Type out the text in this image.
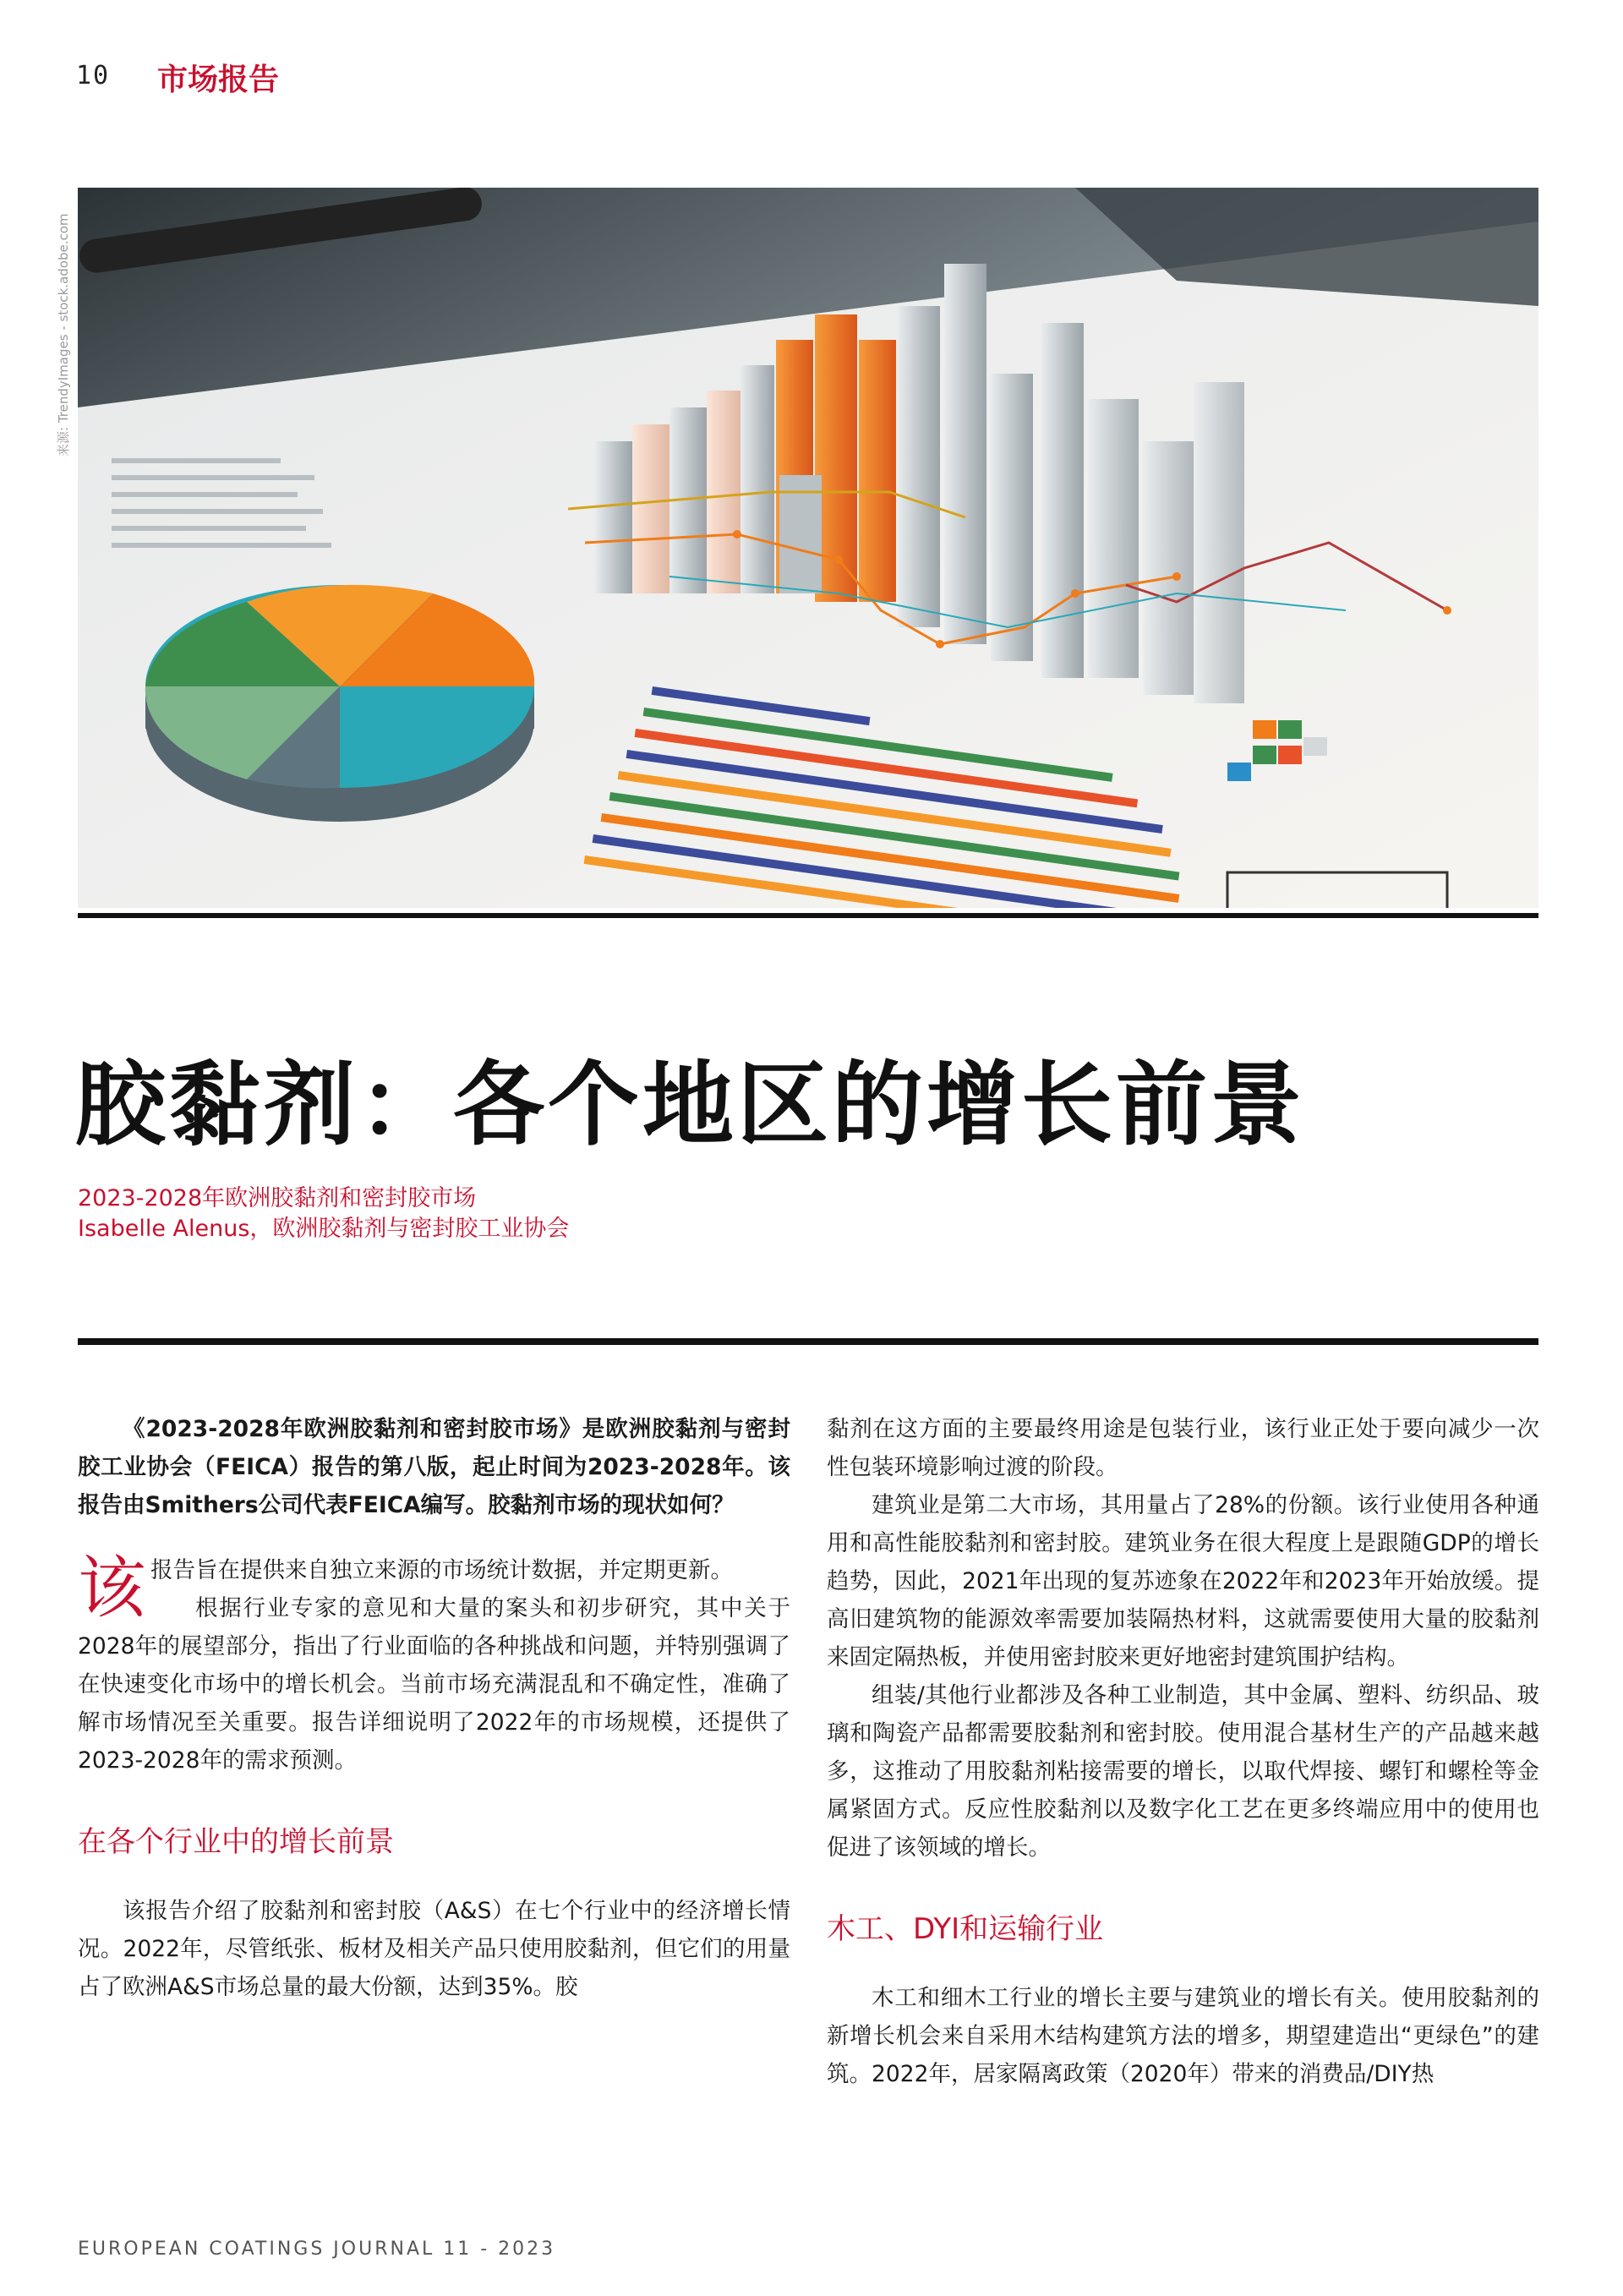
10 市场报告
来源: TrendyImages - stock.adobe.com
胶黏剂：各个地区的增长前景
2023-2028年欧洲胶黏剂和密封胶市场
Isabelle Alenus，欧洲胶黏剂与密封胶工业协会

《2023-2028年欧洲胶黏剂和密封胶市场》是欧洲胶黏剂与密封胶工业协会（FEICA）报告的第八版，起止时间为2023-2028年。该报告由Smithers公司代表FEICA编写。胶黏剂市场的现状如何？

该报告旨在提供来自独立来源的市场统计数据，并定期更新。

根据行业专家的意见和大量的案头和初步研究，其中关于2028年的展望部分，指出了行业面临的各种挑战和问题，并特别强调了在快速变化市场中的增长机会。当前市场充满混乱和不确定性，准确了解市场情况至关重要。报告详细说明了2022年的市场规模，还提供了2023-2028年的需求预测。

在各个行业中的增长前景

该报告介绍了胶黏剂和密封胶（A&S）在七个行业中的经济增长情况。2022年，尽管纸张、板材及相关产品只使用胶黏剂，但它们的用量占了欧洲A&S市场总量的最大份额，达到35%。胶

黏剂在这方面的主要最终用途是包装行业，该行业正处于要向减少一次性包装环境影响过渡的阶段。

建筑业是第二大市场，其用量占了28%的份额。该行业使用各种通用和高性能胶黏剂和密封胶。建筑业务在很大程度上是跟随GDP的增长趋势，因此，2021年出现的复苏迹象在2022年和2023年开始放缓。提高旧建筑物的能源效率需要加装隔热材料，这就需要使用大量的胶黏剂来固定隔热板，并使用密封胶来更好地密封建筑围护结构。

组装/其他行业都涉及各种工业制造，其中金属、塑料、纺织品、玻璃和陶瓷产品都需要胶黏剂和密封胶。使用混合基材生产的产品越来越多，这推动了用胶黏剂粘接需要的增长，以取代焊接、螺钉和螺栓等金属紧固方式。反应性胶黏剂以及数字化工艺在更多终端应用中的使用也促进了该领域的增长。

木工、DYI和运输行业

木工和细木工行业的增长主要与建筑业的增长有关。使用胶黏剂的新增长机会来自采用木结构建筑方法的增多，期望建造出“更绿色”的建筑。2022年，居家隔离政策（2020年）带来的消费品/DIY热

EUROPEAN COATINGS JOURNAL 11 - 2023
